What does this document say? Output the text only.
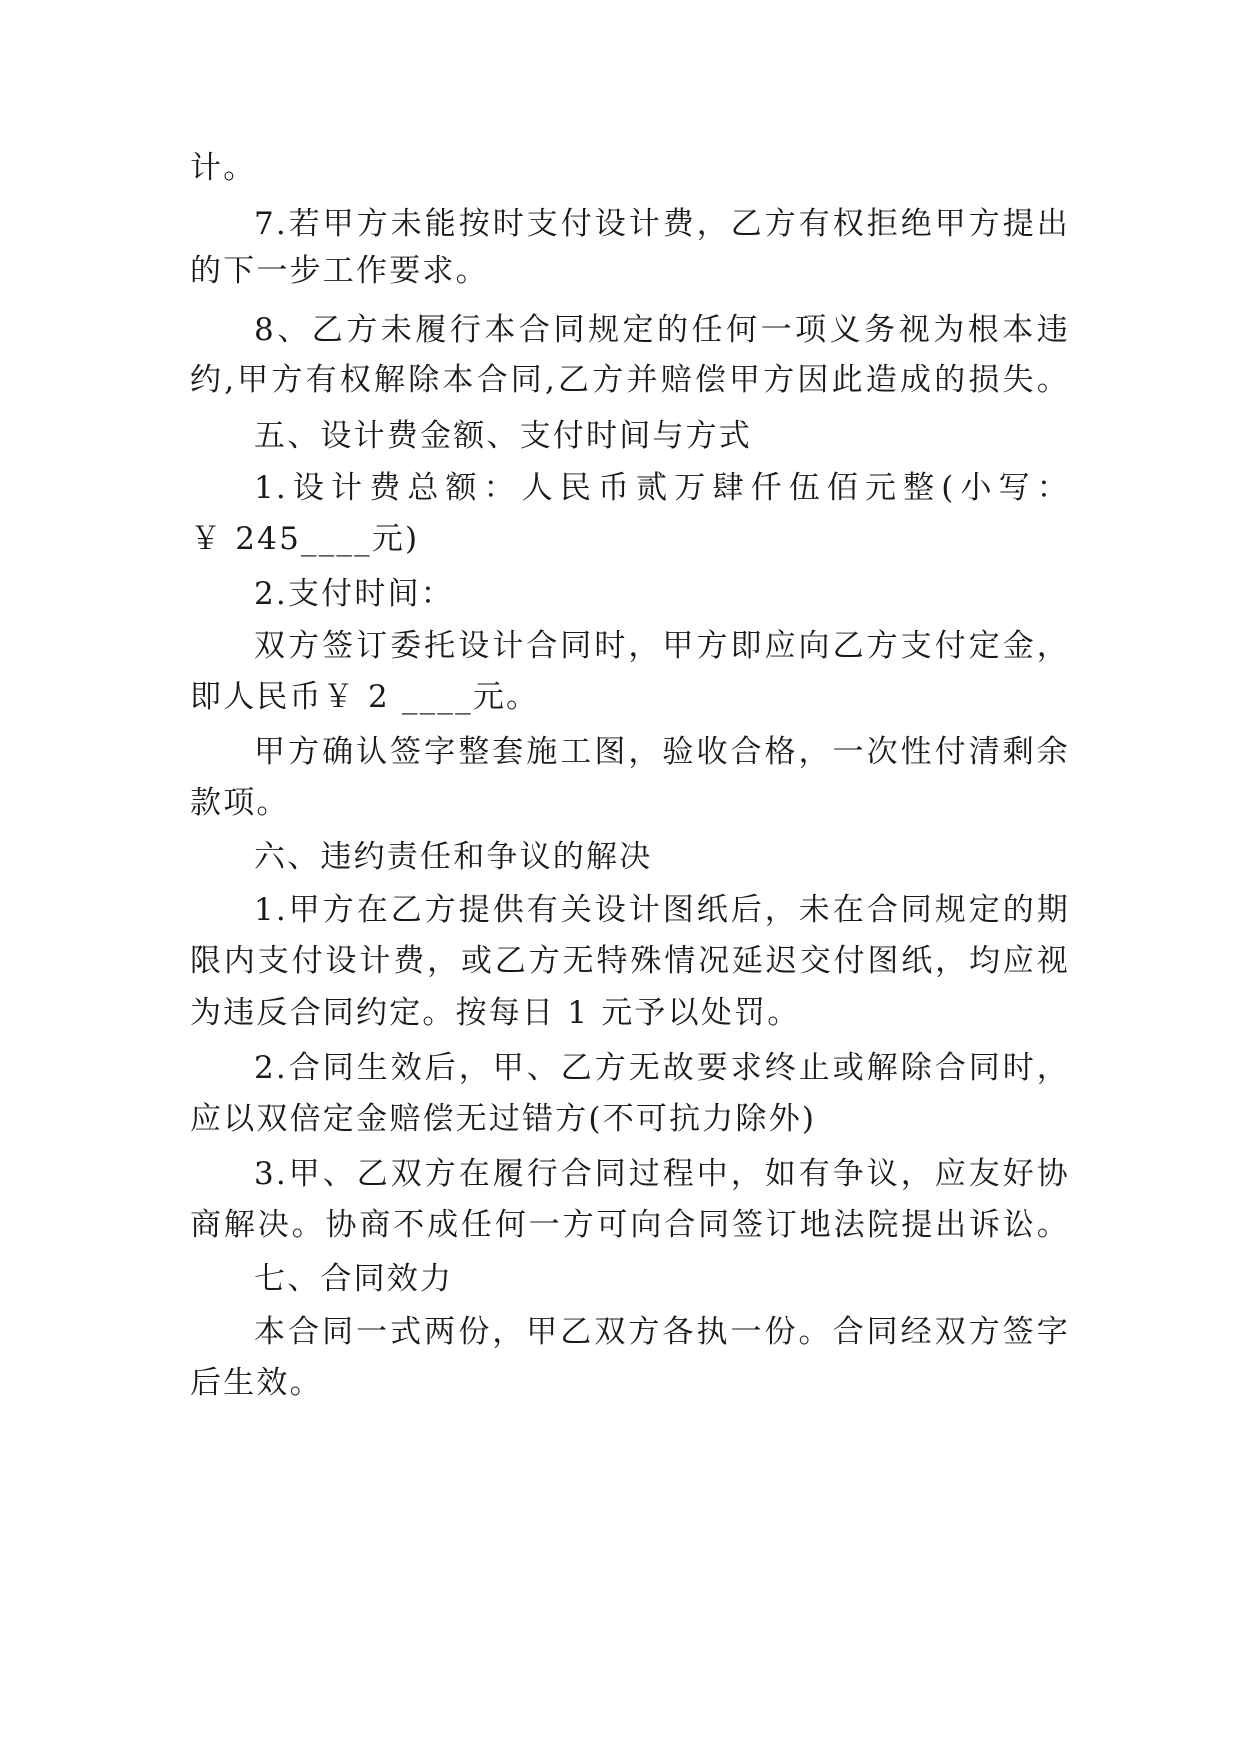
计。
7.若甲方未能按时支付设计费，乙方有权拒绝甲方提出
的下一步工作要求。
8、乙方未履行本合同规定的任何一项义务视为根本违
约,甲方有权解除本合同,乙方并赔偿甲方因此造成的损失。
五、设计费金额、支付时间与方式
1.设计费总额：人民币贰万肆仟伍佰元整(小写：
￥ 245____元)
2.支付时间：
双方签订委托设计合同时，甲方即应向乙方支付定金，
即人民币￥ 2 ____元。
甲方确认签字整套施工图，验收合格，一次性付清剩余
款项。
六、违约责任和争议的解决
1.甲方在乙方提供有关设计图纸后，未在合同规定的期
限内支付设计费，或乙方无特殊情况延迟交付图纸，均应视
为违反合同约定。按每日 1 元予以处罚。
2.合同生效后，甲、乙方无故要求终止或解除合同时，
应以双倍定金赔偿无过错方(不可抗力除外)
3.甲、乙双方在履行合同过程中，如有争议，应友好协
商解决。协商不成任何一方可向合同签订地法院提出诉讼。
七、合同效力
本合同一式两份，甲乙双方各执一份。合同经双方签字
后生效。
